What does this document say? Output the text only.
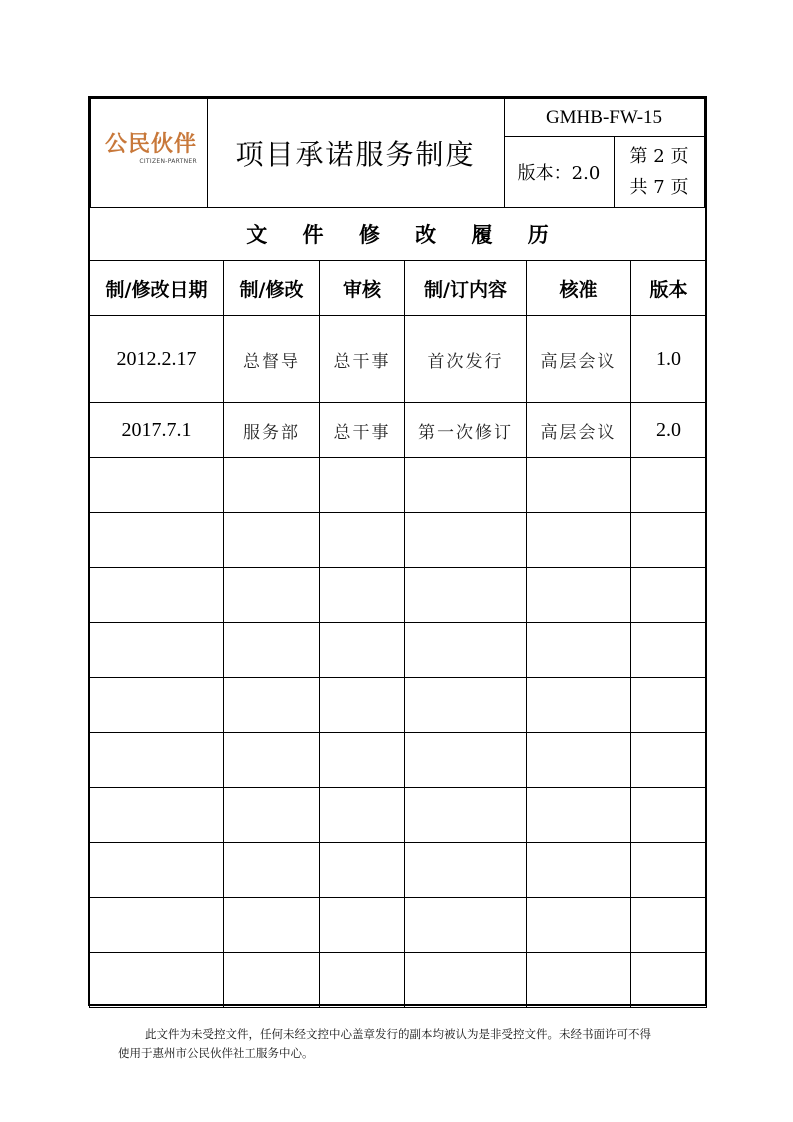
公民伙伴
CITIZEN-PARTNER	项目承诺服务制度
GMHB-FW-15
版本：2.0
第 2 页
共 7 页
文 件 修 改 履 历					
制/修改日期	制/修改	审核	制/订内容	核准	版本
2012.2.17	总督导	总干事	首次发行	高层会议	1.0
2017.7.1	服务部	总干事	第一次修订	高层会议	2.0

此文件为未受控文件，任何未经文控中心盖章发行的副本均被认为是非受控文件。未经书面许可不得
使用于惠州市公民伙伴社工服务中心。
